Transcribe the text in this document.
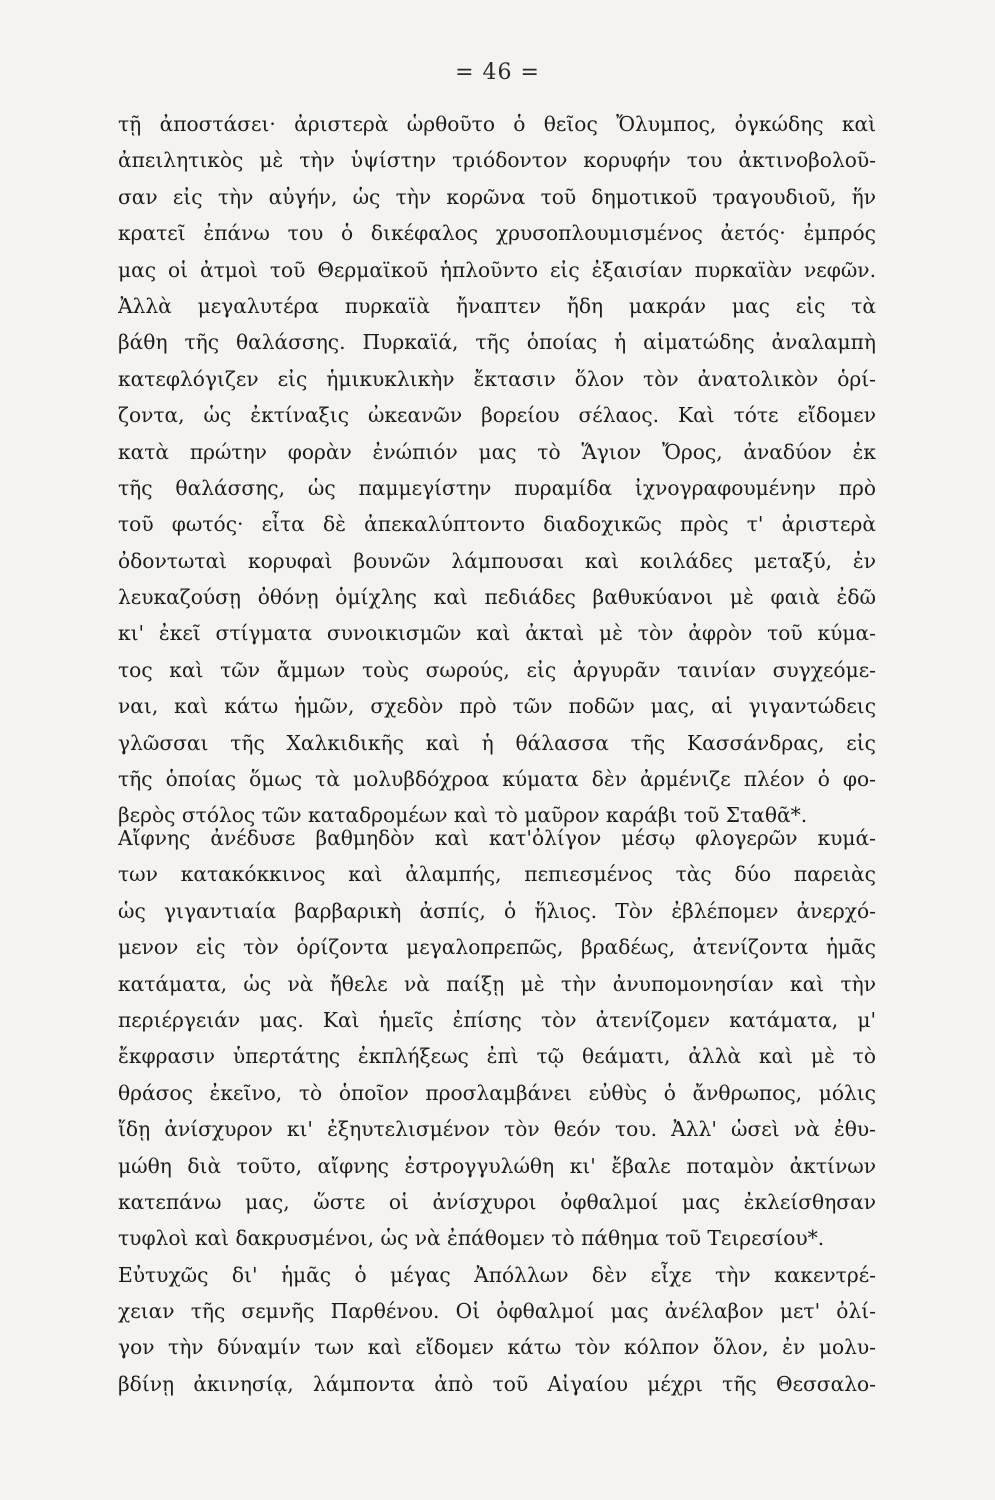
= 46 =
τῇ ἀποστάσει· ἀριστερὰ ὡρθοῦτο ὁ θεῖος Ὄλυμπος, ὀγκώδης καὶ
ἀπειλητικὸς μὲ τὴν ὑψίστην τριόδοντον κορυφήν του ἀκτινοβολοῦ-
σαν εἰς τὴν αὐγήν, ὡς τὴν κορῶνα τοῦ δημοτικοῦ τραγουδιοῦ, ἥν
κρατεῖ ἐπάνω του ὁ δικέφαλος χρυσοπλουμισμένος ἀετός· ἐμπρός
μας οἱ ἀτμοὶ τοῦ Θερμαϊκοῦ ἡπλοῦντο εἰς ἐξαισίαν πυρκαϊὰν νεφῶν.
Ἀλλὰ μεγαλυτέρα πυρκαϊὰ ἤναπτεν ἤδη μακράν μας εἰς τὰ
βάθη τῆς θαλάσσης. Πυρκαϊά, τῆς ὁποίας ἡ αἱματώδης ἀναλαμπὴ
κατεφλόγιζεν εἰς ἡμικυκλικὴν ἔκτασιν ὅλον τὸν ἀνατολικὸν ὁρί-
ζοντα, ὡς ἐκτίναξις ὠκεανῶν βορείου σέλαος. Καὶ τότε εἴδομεν
κατὰ πρώτην φορὰν ἐνώπιόν μας τὸ Ἅγιον Ὄρος, ἀναδύον ἐκ
τῆς θαλάσσης, ὡς παμμεγίστην πυραμίδα ἰχνογραφουμένην πρὸ
τοῦ φωτός· εἶτα δὲ ἀπεκαλύπτοντο διαδοχικῶς πρὸς τ' ἀριστερὰ
ὀδοντωταὶ κορυφαὶ βουνῶν λάμπουσαι καὶ κοιλάδες μεταξύ, ἐν
λευκαζούσῃ ὀθόνῃ ὁμίχλης καὶ πεδιάδες βαθυκύανοι μὲ φαιὰ ἐδῶ
κι' ἐκεῖ στίγματα συνοικισμῶν καὶ ἀκταὶ μὲ τὸν ἀφρὸν τοῦ κύμα-
τος καὶ τῶν ἄμμων τοὺς σωρούς, εἰς ἀργυρᾶν ταινίαν συγχεόμε-
ναι, καὶ κάτω ἡμῶν, σχεδὸν πρὸ τῶν ποδῶν μας, αἱ γιγαντώδεις
γλῶσσαι τῆς Χαλκιδικῆς καὶ ἡ θάλασσα τῆς Κασσάνδρας, εἰς
τῆς ὁποίας ὅμως τὰ μολυβδόχροα κύματα δὲν ἀρμένιζε πλέον ὁ φο-
βερὸς στόλος τῶν καταδρομέων καὶ τὸ μαῦρον καράβι τοῦ Σταθᾶ*.
Αἴφνης ἀνέδυσε βαθμηδὸν καὶ κατ'ὀλίγον μέσῳ φλογερῶν κυμά-
των κατακόκκινος καὶ ἀλαμπής, πεπιεσμένος τὰς δύο παρειὰς
ὡς γιγαντιαία βαρβαρικὴ ἀσπίς, ὁ ἥλιος. Τὸν ἐβλέπομεν ἀνερχό-
μενον εἰς τὸν ὁρίζοντα μεγαλοπρεπῶς, βραδέως, ἀτενίζοντα ἡμᾶς
κατάματα, ὡς νὰ ἤθελε νὰ παίξῃ μὲ τὴν ἀνυπομονησίαν καὶ τὴν
περιέργειάν μας. Καὶ ἡμεῖς ἐπίσης τὸν ἀτενίζομεν κατάματα, μ'
ἔκφρασιν ὑπερτάτης ἐκπλήξεως ἐπὶ τῷ θεάματι, ἀλλὰ καὶ μὲ τὸ
θράσος ἐκεῖνο, τὸ ὁποῖον προσλαμβάνει εὐθὺς ὁ ἄνθρωπος, μόλις
ἴδῃ ἀνίσχυρον κι' ἐξηυτελισμένον τὸν θεόν του. Ἀλλ' ὡσεὶ νὰ ἐθυ-
μώθη διὰ τοῦτο, αἴφνης ἐστρογγυλώθη κι' ἔβαλε ποταμὸν ἀκτίνων
κατεπάνω μας, ὥστε οἱ ἀνίσχυροι ὀφθαλμοί μας ἐκλείσθησαν
τυφλοὶ καὶ δακρυσμένοι, ὡς νὰ ἐπάθομεν τὸ πάθημα τοῦ Τειρεσίου*.
Εὐτυχῶς δι' ἡμᾶς ὁ μέγας Ἀπόλλων δὲν εἶχε τὴν κακεντρέ-
χειαν τῆς σεμνῆς Παρθένου. Οἱ ὀφθαλμοί μας ἀνέλαβον μετ' ὀλί-
γον τὴν δύναμίν των καὶ εἴδομεν κάτω τὸν κόλπον ὅλον, ἐν μολυ-
βδίνῃ ἀκινησίᾳ, λάμποντα ἀπὸ τοῦ Αἰγαίου μέχρι τῆς Θεσσαλο-
